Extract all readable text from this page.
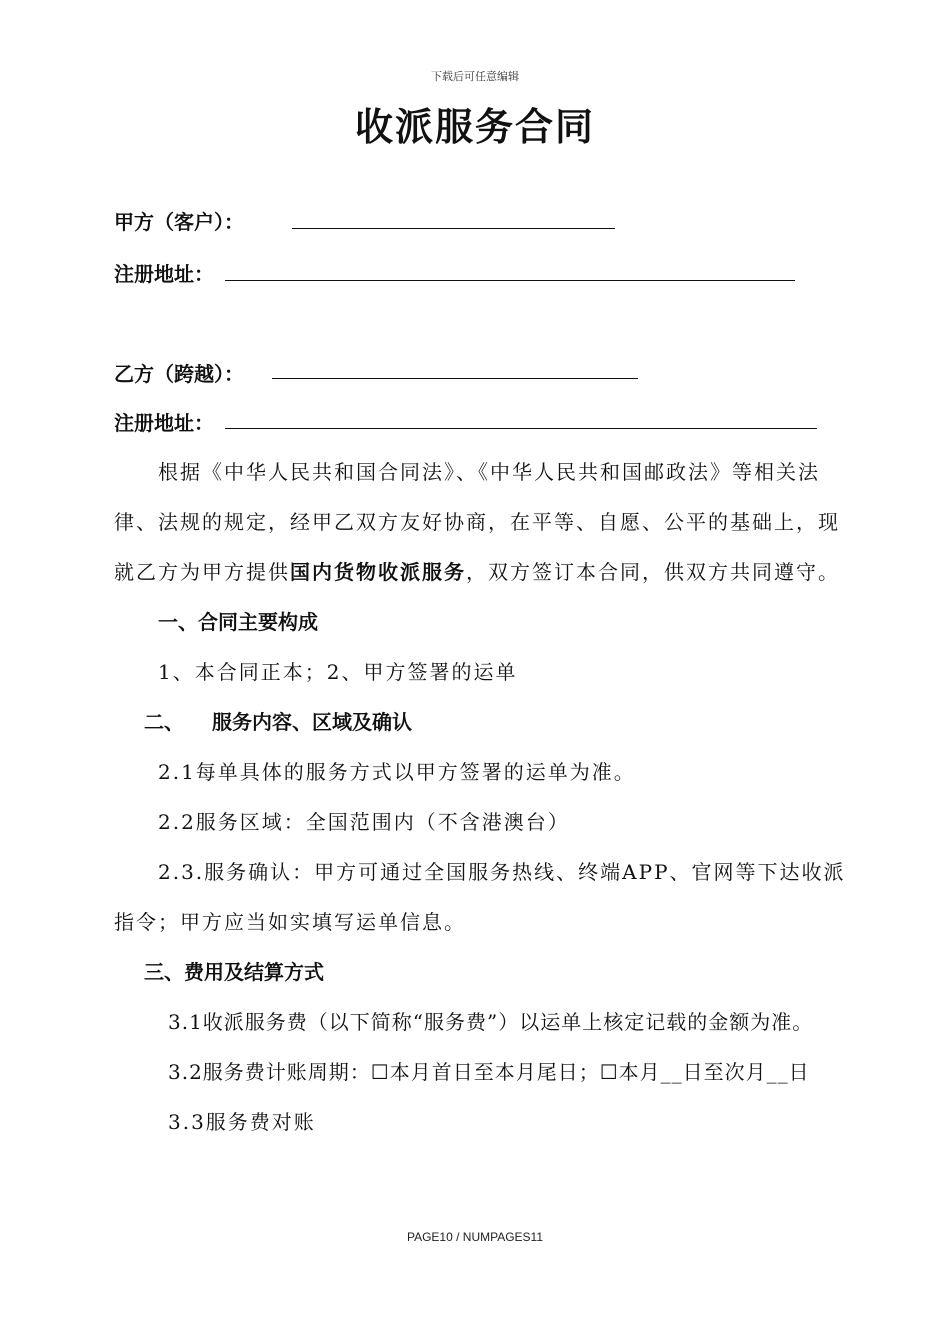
下载后可任意编辑
收派服务合同
甲方（客户）：
注册地址：
乙方（跨越）：
注册地址：
根据《中华人民共和国合同法》、《中华人民共和国邮政法》等相关法
律、法规的规定，经甲乙双方友好协商，在平等、自愿、公平的基础上，现
就乙方为甲方提供国内货物收派服务，双方签订本合同，供双方共同遵守。
一、合同主要构成
1、本合同正本；2、甲方签署的运单
二、 服务内容、区域及确认
2.1每单具体的服务方式以甲方签署的运单为准。
2.2服务区域：全国范围内（不含港澳台）
2.3.服务确认：甲方可通过全国服务热线、终端APP、官网等下达收派
指令；甲方应当如实填写运单信息。
三、费用及结算方式
3.1收派服务费（以下简称“服务费”）以运单上核定记载的金额为准。
3.2服务费计账周期：☐本月首日至本月尾日；☐本月__日至次月__日
3.3服务费对账
PAGE10 / NUMPAGES11
